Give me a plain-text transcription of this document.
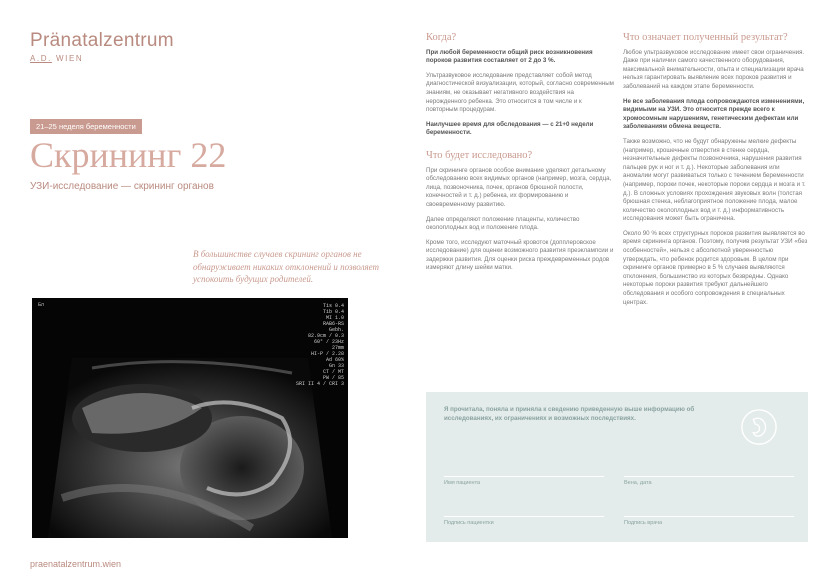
Pränatalzentrum
A.D. WIEN
21–25 неделя беременности
Скрининг 22
УЗИ-исследование — скрининг органов
В большинстве случаев скрининг органов не обнаруживает никаких отклонений и позволяет успокоить будущих родителей.
Бл	Tis 0.4
Tib 0.4
MI 1.0
RAB6-RS
Gebh.
82.9cm / 0.3
60° / 23Hz
27mm
HI-P / 2.28
Ad 60%
Gn 33
CT / MT
PW / 85
SRI II 4 / CRI 3
praenatalzentrum.wien
Когда?

При любой беременности общий риск возникновения пороков развития составляет от 2 до 3 %.

Ультразвуковое исследование представляет собой метод диагностической визуализации, который, согласно современным знаниям, не оказывает негативного воздействия на нерожденного ребенка. Это относится в том числе и к повторным процедурам.

Наилучшее время для обследования — с 21+0 недели беременности.

Что будет исследовано?

При скрининге органов особое внимание уделяют детальному обследованию всех видимых органов (например, мозга, сердца, лица, позвоночника, почек, органов брюшной полости, конечностей и т. д.) ребенка, их формированию и своевременному развитию.

Далее определяют положение плаценты, количество околоплодных вод и положение плода.

Кроме того, исследуют маточный кровоток (допплеровское исследование) для оценки возможного развития преэклампсии и задержки развития. Для оценки риска преждевременных родов измеряют длину шейки матки.

Что означает полученный результат?

Любое ультразвуковое исследование имеет свои ограничения. Даже при наличии самого качественного оборудования, максимальной внимательности, опыта и специализации врача нельзя гарантировать выявление всех пороков развития и заболеваний на каждом этапе беременности.

Не все заболевания плода сопровождаются изменениями, видимыми на УЗИ. Это относится прежде всего к хромосомным нарушениям, генетическим дефектам или заболеваниям обмена веществ.

Также возможно, что не будут обнаружены мелкие дефекты (например, крошечные отверстия в стенке сердца, незначительные дефекты позвоночника, нарушения развития пальцев рук и ног и т. д.). Некоторые заболевания или аномалии могут развиваться только с течением беременности (например, пороки почек, некоторые пороки сердца и мозга и т. д.). В сложных условиях прохождения звуковых волн (толстая брюшная стенка, неблагоприятное положение плода, малое количество околоплодных вод и т. д.) информативность исследования может быть ограничена.

Около 90 % всех структурных пороков развития выявляется во время скрининга органов. Поэтому, получив результат УЗИ «без особенностей», нельзя с абсолютной уверенностью утверждать, что ребенок родится здоровым. В целом при скрининге органов примерно в 5 % случаев выявляются отклонения, большинство из которых безвредны. Однако некоторые пороки развития требуют дальнейшего обследования и особого сопровождения в специальных центрах.

Я прочитала, поняла и приняла к сведению приведенную выше информацию об исследованиях, их ограничениях и возможных последствиях.
Имя пациента	Вена, дата
Подпись пациентки	Подпись врача
